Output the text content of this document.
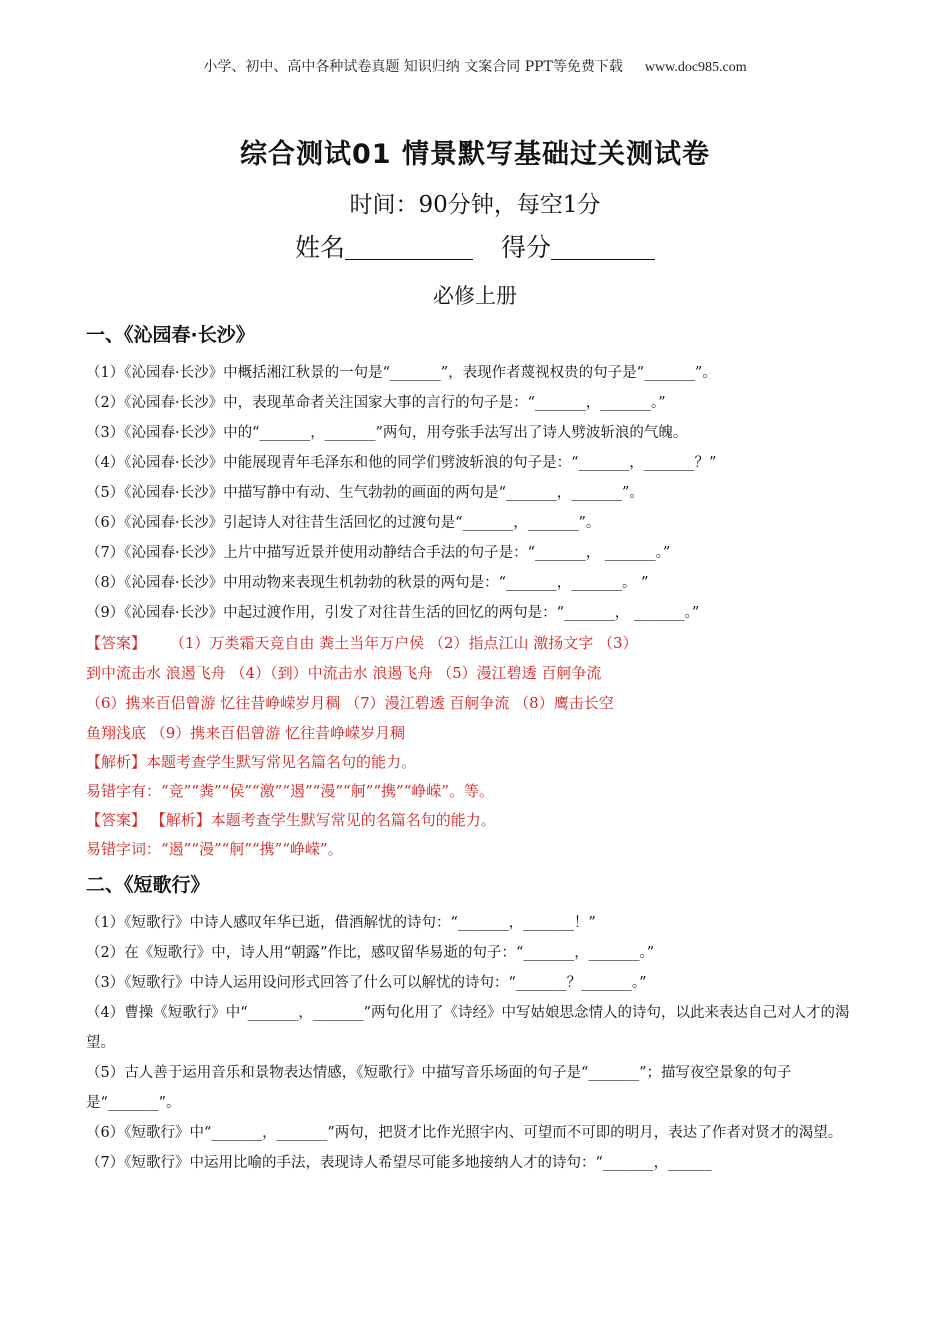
小学、初中、高中各种试卷真题 知识归纳 文案合同 PPT等免费下载 www.doc985.com
综合测试01 情景默写基础过关测试卷
时间：90分钟，每空1分
姓名	得分
必修上册
一、《沁园春·长沙》

（1）《沁园春·长沙》中概括湘江秋景的一句是“_______”，表现作者蔑视权贵的句子是“_______”。

（2）《沁园春·长沙》中，表现革命者关注国家大事的言行的句子是：“_______，_______。”

（3）《沁园春·长沙》中的“_______，_______”两句，用夸张手法写出了诗人劈波斩浪的气魄。

（4）《沁园春·长沙》中能展现青年毛泽东和他的同学们劈波斩浪的句子是：“_______，_______？”

（5）《沁园春·长沙》中描写静中有动、生气勃勃的画面的两句是“_______，_______”。

（6）《沁园春·长沙》引起诗人对往昔生活回忆的过渡句是“_______，_______”。

（7）《沁园春·长沙》上片中描写近景并使用动静结合手法的句子是：“_______， _______。”

（8）《沁园春·长沙》中用动物来表现生机勃勃的秋景的两句是：“_______，_______。 ”

（9）《沁园春·长沙》中起过渡作用，引发了对往昔生活的回忆的两句是：“_______， _______。”

【答案】 （1）万类霜天竞自由 粪土当年万户侯 （2）指点江山 激扬文字 （3）

到中流击水 浪遏飞舟 （4）（到）中流击水 浪遏飞舟 （5）漫江碧透 百舸争流

（6）携来百侣曾游 忆往昔峥嵘岁月稠 （7）漫江碧透 百舸争流 （8）鹰击长空

鱼翔浅底 （9）携来百侣曾游 忆往昔峥嵘岁月稠

【解析】本题考查学生默写常见名篇名句的能力。

易错字有：“竞”“粪”“侯”“激”“遏”“漫”“舸”“携”“峥嵘”。等。

【答案】 【解析】本题考查学生默写常见的名篇名句的能力。

易错字词：“遏”“漫”“舸”“携”“峥嵘”。

二、《短歌行》

（1）《短歌行》中诗人感叹年华已逝，借酒解忧的诗句：“_______，_______！”

（2）在《短歌行》中，诗人用“朝露”作比，感叹留华易逝的句子：“_______，_______。”

（3）《短歌行》中诗人运用设问形式回答了什么可以解忧的诗句：“_______？_______。”

（4）曹操《短歌行》中“_______，_______”两句化用了《诗经》中写姑娘思念情人的诗句，以此来表达自己对人才的渴望。

（5）古人善于运用音乐和景物表达情感，《短歌行》中描写音乐场面的句子是“_______”；描写夜空景象的句子是“_______”。

（6）《短歌行》中“_______，_______”两句，把贤才比作光照宇内、可望而不可即的明月，表达了作者对贤才的渴望。

（7）《短歌行》中运用比喻的手法，表现诗人希望尽可能多地接纳人才的诗句：“_______，______
